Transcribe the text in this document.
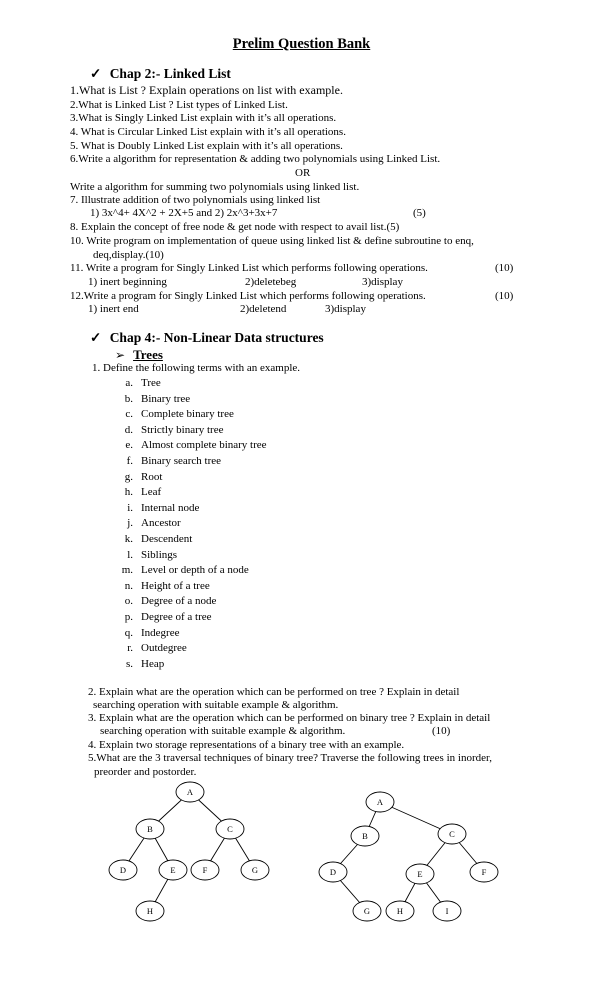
Prelim Question Bank
✓ Chap 2:- Linked List
1.What is List ? Explain operations on list with example.
2.What is Linked List ? List types of Linked List.
3.What is Singly Linked List explain with it’s all operations.
4. What is Circular Linked List explain with it’s all operations.
5. What is Doubly Linked List explain with it’s all operations.
6.Write a algorithm for representation & adding two polynomials using Linked List.
OR
Write a algorithm for summing two polynomials using linked list.
7. Illustrate addition of two polynomials using linked list
1) 3x^4+ 4X^2 + 2X+5 and 2) 2x^3+3x+7	(5)
8. Explain the concept of free node & get node with respect to avail list.(5)
10. Write program on implementation of queue using linked list & define subroutine to enq,
deq,display.(10)
11. Write a program for Singly Linked List which performs following operations.	(10)
1) inert beginning	2)deletebeg	3)display
12.Write a program for Singly Linked List which performs following operations.	(10)
1) inert end	2)deletend	3)display
✓ Chap 4:- Non-Linear Data structures
➢ Trees
1. Define the following terms with an example.
a. Tree
b. Binary tree
c. Complete binary tree
d. Strictly binary tree
e. Almost complete binary tree
f. Binary search tree
g. Root
h. Leaf
i. Internal node
j. Ancestor
k. Descendent
l. Siblings
m. Level or depth of a node
n. Height of a tree
o. Degree of a node
p. Degree of a tree
q. Indegree
r. Outdegree
s. Heap
2. Explain what are the operation which can be performed on tree ? Explain in detail
searching operation with suitable example & algorithm.
3. Explain what are the operation which can be performed on binary tree ? Explain in detail
searching operation with suitable example & algorithm.	(10)
4. Explain two storage representations of a binary tree with an example.
5.What are the 3 traversal techniques of binary tree? Traverse the following trees in inorder,
preorder and postorder.
A
B	C
D	E	F	G
H
A
B	C
D	E	F
G	H	I
